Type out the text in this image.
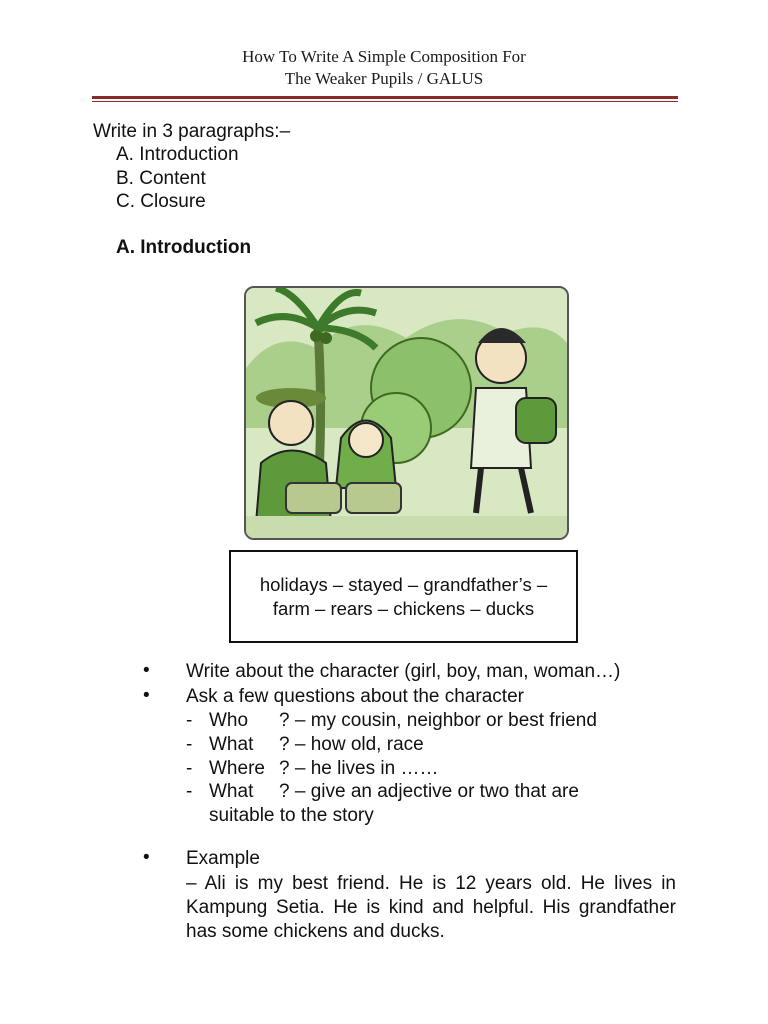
How To Write A Simple Composition For
The Weaker Pupils / GALUS
Write in 3 paragraphs:–
A. Introduction
B. Content
C. Closure
A. Introduction
holidays – stayed – grandfather’s –
farm – rears – chickens – ducks
• Write about the character (girl, boy, man, woman…)
• Ask a few questions about the character
- Who ? – my cousin, neighbor or best friend
- What ? – how old, race
- Where ? – he lives in ……
- What ? – give an adjective or two that are
suitable to the story
• Example
– Ali is my best friend. He is 12 years old. He lives in Kampung Setia. He is kind and helpful. His grandfather has some chickens and ducks.
